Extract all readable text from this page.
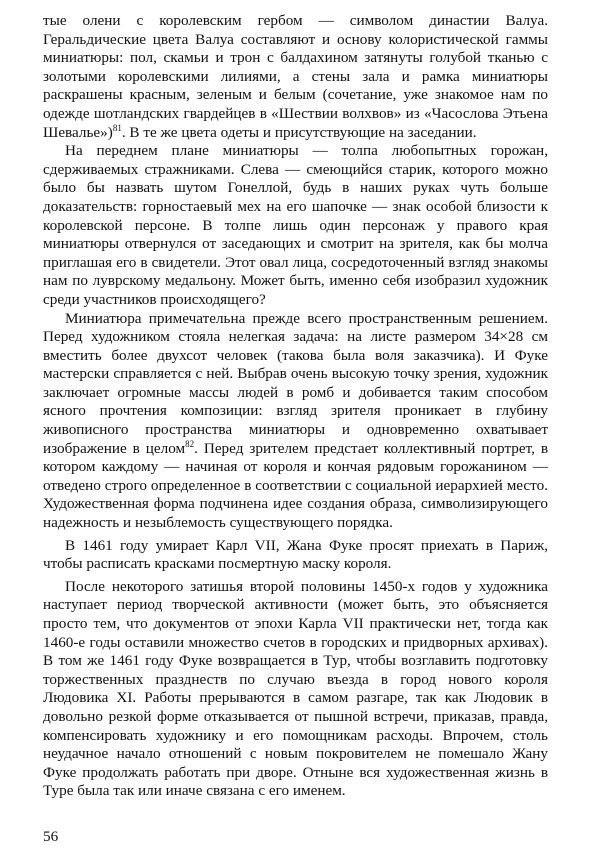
тые олени с королевским гербом — символом династии Валуа. Геральдические цвета Валуа составляют и основу колористической гаммы миниатюры: пол, скамьи и трон с балдахином затянуты голубой тканью с золотыми королевскими лилиями, а стены зала и рамка миниатюры раскрашены красным, зеленым и белым (сочетание, уже знакомое нам по одежде шотландских гвардейцев в «Шествии волхвов» из «Часослова Этьена Шевалье»)$^{81}$. В те же цвета одеты и присутствующие на заседании.

На переднем плане миниатюры — толпа любопытных горожан, сдерживаемых стражниками. Слева — смеющийся старик, которого можно было бы назвать шутом Гонеллой, будь в наших руках чуть больше доказательств: горностаевый мех на его шапочке — знак особой близости к королевской персоне. В толпе лишь один персонаж у правого края миниатюры отвернулся от заседающих и смотрит на зрителя, как бы молча приглашая его в свидетели. Этот овал лица, сосредоточенный взгляд знакомы нам по луврскому медальону. Может быть, именно себя изобразил художник среди участников происходящего?

Миниатюра примечательна прежде всего пространственным решением. Перед художником стояла нелегкая задача: на листе размером 34×28 см вместить более двухсот человек (такова была воля заказчика). И Фуке мастерски справляется с ней. Выбрав очень высокую точку зрения, художник заключает огромные массы людей в ромб и добивается таким способом ясного прочтения композиции: взгляд зрителя проникает в глубину живописного пространства миниатюры и одновременно охватывает изображение в целом$^{82}$. Перед зрителем предстает коллективный портрет, в котором каждому — начиная от короля и кончая рядовым горожанином — отведено строго определенное в соответствии с социальной иерархией место. Художественная форма подчинена идее создания образа, символизирующего надежность и незыблемость существующего порядка.

В 1461 году умирает Карл VII, Жана Фуке просят приехать в Париж, чтобы расписать красками посмертную маску короля.

После некоторого затишья второй половины 1450-х годов у художника наступает период творческой активности (может быть, это объясняется просто тем, что документов от эпохи Карла VII практически нет, тогда как 1460-е годы оставили множество счетов в городских и придворных архивах). В том же 1461 году Фуке возвращается в Тур, чтобы возглавить подготовку торжественных празднеств по случаю въезда в город нового короля Людовика XI. Работы прерываются в самом разгаре, так как Людовик в довольно резкой форме отказывается от пышной встречи, приказав, правда, компенсировать художнику и его помощникам расходы. Впрочем, столь неудачное начало отношений с новым покровителем не помешало Жану Фуке продолжать работать при дворе. Отныне вся художественная жизнь в Туре была так или иначе связана с его именем.

56
